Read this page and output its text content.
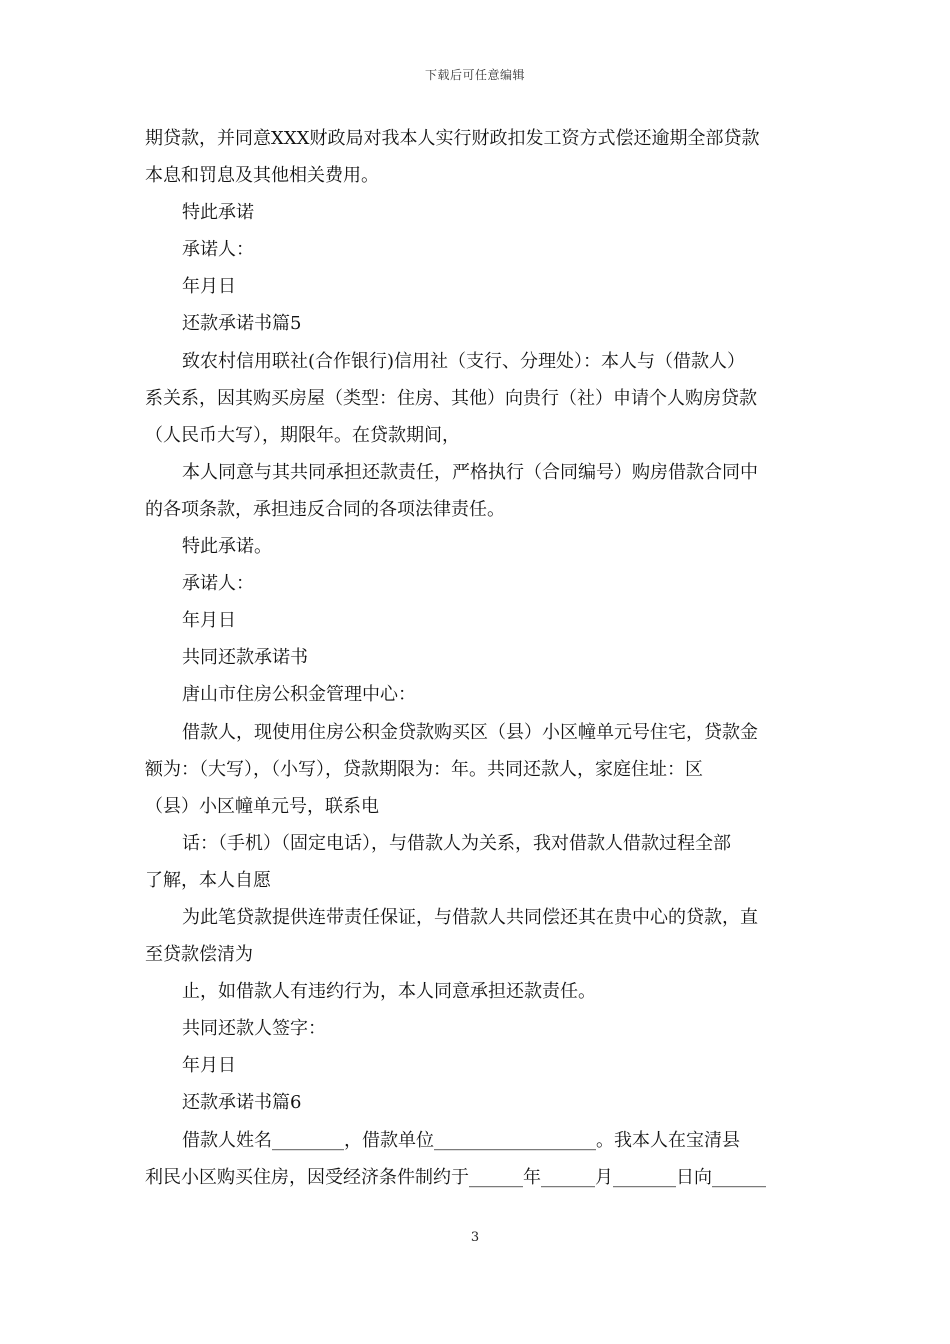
下载后可任意编辑
期贷款，并同意XXX财政局对我本人实行财政扣发工资方式偿还逾期全部贷款
本息和罚息及其他相关费用。
特此承诺
承诺人：
年月日
还款承诺书篇5
致农村信用联社(合作银行)信用社（支行、分理处）：本人与（借款人）
系关系，因其购买房屋（类型：住房、其他）向贵行（社）申请个人购房贷款
（人民币大写），期限年。在贷款期间，
本人同意与其共同承担还款责任，严格执行（合同编号）购房借款合同中
的各项条款，承担违反合同的各项法律责任。
特此承诺。
承诺人：
年月日
共同还款承诺书
唐山市住房公积金管理中心：
借款人，现使用住房公积金贷款购买区（县）小区幢单元号住宅，贷款金
额为：（大写），（小写），贷款期限为：年。共同还款人，家庭住址：区
（县）小区幢单元号，联系电
话：（手机）（固定电话），与借款人为关系，我对借款人借款过程全部
了解，本人自愿
为此笔贷款提供连带责任保证，与借款人共同偿还其在贵中心的贷款，直
至贷款偿清为
止，如借款人有违约行为，本人同意承担还款责任。
共同还款人签字：
年月日
还款承诺书篇6
借款人姓名________，借款单位__________________。我本人在宝清县
利民小区购买住房，因受经济条件制约于______年______月_______日向______
3
